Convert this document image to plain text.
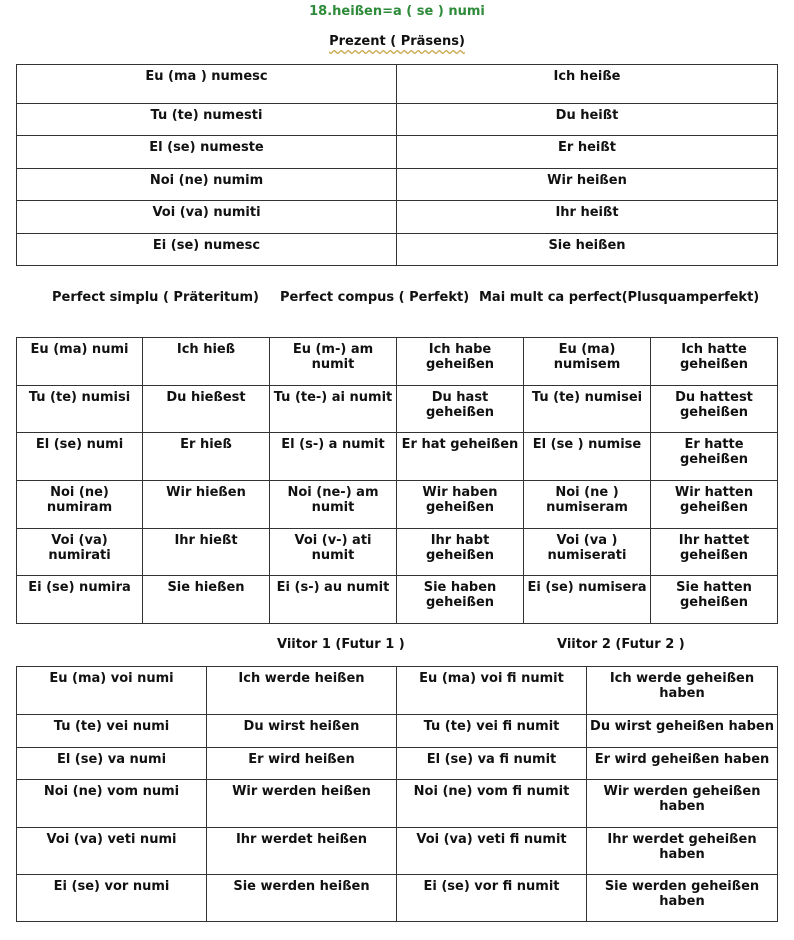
18.heißen=a ( se ) numi
Prezent ( Präsens)
Eu (ma ) numesc	Ich heiße
Tu (te) numesti	Du heißt
El (se) numeste	Er heißt
Noi (ne) numim	Wir heißen
Voi (va) numiti	Ihr heißt
Ei (se) numesc	Sie heißen
Perfect simplu ( Präteritum) Perfect compus ( Perfekt) Mai mult ca perfect(Plusquamperfekt)
Eu (ma) numi	Ich hieß	Eu (m-) am numit	Ich habe geheißen	Eu (ma) numisem	Ich hatte geheißen
Tu (te) numisi	Du hießest	Tu (te-) ai numit	Du hast geheißen	Tu (te) numisei	Du hattest geheißen
El (se) numi	Er hieß	El (s-) a numit	Er hat geheißen	El (se ) numise	Er hatte geheißen
Noi (ne) numiram	Wir hießen	Noi (ne-) am numit	Wir haben geheißen	Noi (ne ) numiseram	Wir hatten geheißen
Voi (va) numirati	Ihr hießt	Voi (v-) ati numit	Ihr habt geheißen	Voi (va ) numiserati	Ihr hattet geheißen
Ei (se) numira	Sie hießen	Ei (s-) au numit	Sie haben geheißen	Ei (se) numisera	Sie hatten geheißen
Viitor 1 (Futur 1 )	Viitor 2 (Futur 2 )
Eu (ma) voi numi	Ich werde heißen	Eu (ma) voi fi numit	Ich werde geheißen haben
Tu (te) vei numi	Du wirst heißen	Tu (te) vei fi numit	Du wirst geheißen haben
El (se) va numi	Er wird heißen	El (se) va fi numit	Er wird geheißen haben
Noi (ne) vom numi	Wir werden heißen	Noi (ne) vom fi numit	Wir werden geheißen haben
Voi (va) veti numi	Ihr werdet heißen	Voi (va) veti fi numit	Ihr werdet geheißen haben
Ei (se) vor numi	Sie werden heißen	Ei (se) vor fi numit	Sie werden geheißen haben
